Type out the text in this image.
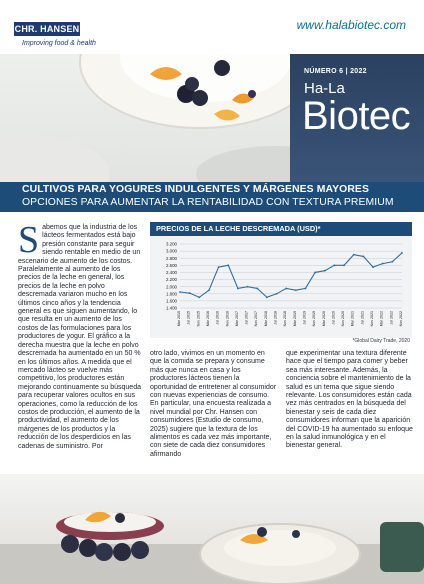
CHR. HANSEN
Improving food & health
www.halabiotec.com
NÚMERO 6 | 2022
Ha-La
Biotec
CULTIVOS PARA YOGURES INDULGENTES Y MÁRGENES MAYORES
OPCIONES PARA AUMENTAR LA RENTABILIDAD CON TEXTURA PREMIUM
Sabemos que la industria de los lácteos fermentados está bajo presión constante para seguir siendo rentable en medio de un escenario de aumento de los costos. Paralelamente al aumento de los precios de la leche en general, los precios de la leche en polvo descremada variaron mucho en los últimos cinco años y la tendencia general es que siguen aumentando, lo que resulta en un aumento de los costos de las formulaciones para los productores de yogur. El gráfico a la derecha muestra que la leche en polvo descremada ha aumentado en un 50 % en los últimos años. A medida que el mercado lácteo se vuelve más competitivo, los productores están mejorando continuamente su búsqueda para recuperar valores ocultos en sus operaciones, como la reducción de los costos de producción, el aumento de la productividad, el aumento de los márgenes de los productos y la reducción de los desperdicios en las cadenas de suministro. Por
PRECIOS DE LA LECHE DESCREMADA (USD)*
1.400
1.600
1.800
2.000
2.200
2.400
2.600
2.800
3.000
3.200
Mar 2015 Jul 2015 Nov 2015 Mar 2016 Jul 2016 Nov 2016 Mar 2017 Jul 2017 Nov 2017 Mar 2018 Jul 2018 Nov 2018 Mar 2019 Jul 2019 Nov 2019 Mar 2020 Jul 2020 Nov 2020 Mar 2021 Jul 2021 Nov 2021 Mar 2022 Jul 2022 Nov 2022
*Global Dairy Trade, 2020
otro lado, vivimos en un momento en que la comida se prepara y consume más que nunca en casa y los productores lácteos tienen la oportunidad de entretener al consumidor con nuevas experiencias de consumo. En particular, una encuesta realizada a nivel mundial por Chr. Hansen con consumidores (Estudio de consumo, 2025) sugiere que la textura de los alimentos es cada vez más importante, con siete de cada diez consumidores afirmando
que experimentar una textura diferente hace que el tiempo para comer y beber sea más interesante. Además, la conciencia sobre el mantenimiento de la salud es un tema que sigue siendo relevante. Los consumidores están cada vez más centrados en la búsqueda del bienestar y seis de cada diez consumidores informan que la aparición del COVID-19 ha aumentado su enfoque en la salud inmunológica y en el bienestar general.
